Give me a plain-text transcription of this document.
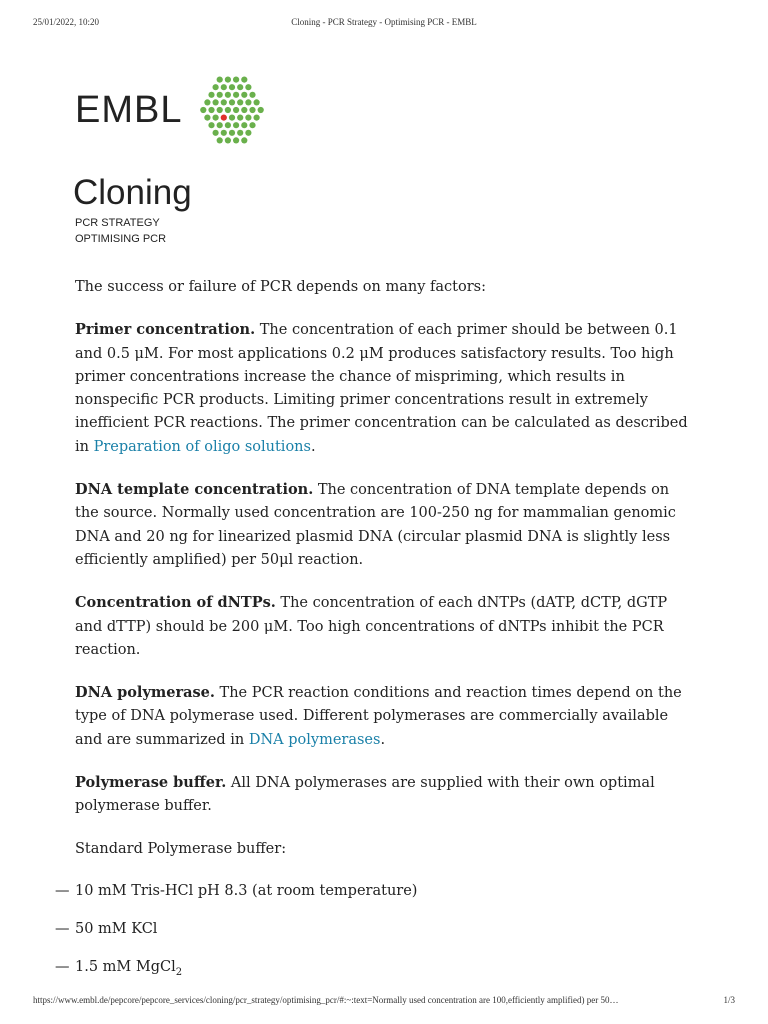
25/01/2022, 10:20	Cloning - PCR Strategy - Optimising PCR - EMBL
EMBL
Cloning
PCR STRATEGY
OPTIMISING PCR

The success or failure of PCR depends on many factors:

Primer concentration. The concentration of each primer should be between 0.1 and 0.5 μM. For most applications 0.2 μM produces satisfactory results. Too high primer concentrations increase the chance of mispriming, which results in nonspecific PCR products. Limiting primer concentrations result in extremely inefficient PCR reactions. The primer concentration can be calculated as described in Preparation of oligo solutions.

DNA template concentration. The concentration of DNA template depends on the source. Normally used concentration are 100-250 ng for mammalian genomic DNA and 20 ng for linearized plasmid DNA (circular plasmid DNA is slightly less efficiently amplified) per 50μl reaction.

Concentration of dNTPs. The concentration of each dNTPs (dATP, dCTP, dGTP and dTTP) should be 200 μM. Too high concentrations of dNTPs inhibit the PCR reaction.

DNA polymerase. The PCR reaction conditions and reaction times depend on the type of DNA polymerase used. Different polymerases are commercially available and are summarized in DNA polymerases.

Polymerase buffer. All DNA polymerases are supplied with their own optimal polymerase buffer.

Standard Polymerase buffer:

— 10 mM Tris-HCl pH 8.3 (at room temperature)
— 50 mM KCl
— 1.5 mM MgCl$_2$
https://www.embl.de/pepcore/pepcore_services/cloning/pcr_strategy/optimising_pcr/#:~:text=Normally used concentration are 100,efficiently amplified) per 50…	1/3
